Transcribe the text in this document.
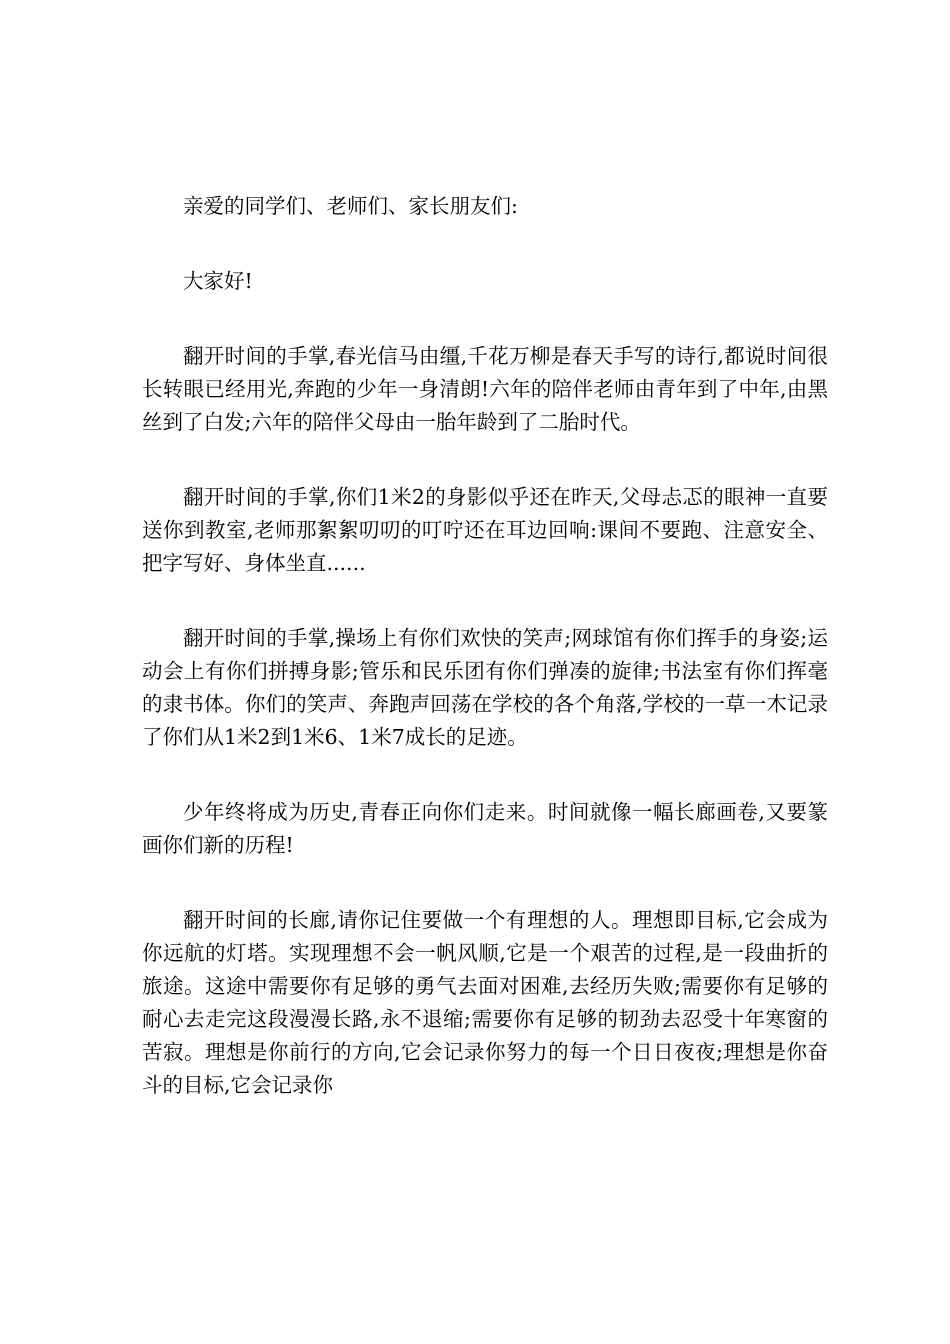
亲爱的同学们、老师们、家长朋友们:

大家好!

翻开时间的手掌,春光信马由缰,千花万柳是春天手写的诗行,都说时间很长转眼已经用光,奔跑的少年一身清朗!六年的陪伴老师由青年到了中年,由黑丝到了白发;六年的陪伴父母由一胎年龄到了二胎时代。

翻开时间的手掌,你们1米2的身影似乎还在昨天,父母忐忑的眼神一直要送你到教室,老师那絮絮叨叨的叮咛还在耳边回响:课间不要跑、注意安全、把字写好、身体坐直......

翻开时间的手掌,操场上有你们欢快的笑声;网球馆有你们挥手的身姿;运动会上有你们拼搏身影;管乐和民乐团有你们弹凑的旋律;书法室有你们挥毫的隶书体。你们的笑声、奔跑声回荡在学校的各个角落,学校的一草一木记录了你们从1米2到1米6、1米7成长的足迹。

少年终将成为历史,青春正向你们走来。时间就像一幅长廊画卷,又要篆画你们新的历程!

翻开时间的长廊,请你记住要做一个有理想的人。理想即目标,它会成为你远航的灯塔。实现理想不会一帆风顺,它是一个艰苦的过程,是一段曲折的旅途。这途中需要你有足够的勇气去面对困难,去经历失败;需要你有足够的耐心去走完这段漫漫长路,永不退缩;需要你有足够的韧劲去忍受十年寒窗的苦寂。理想是你前行的方向,它会记录你努力的每一个日日夜夜;理想是你奋斗的目标,它会记录你
